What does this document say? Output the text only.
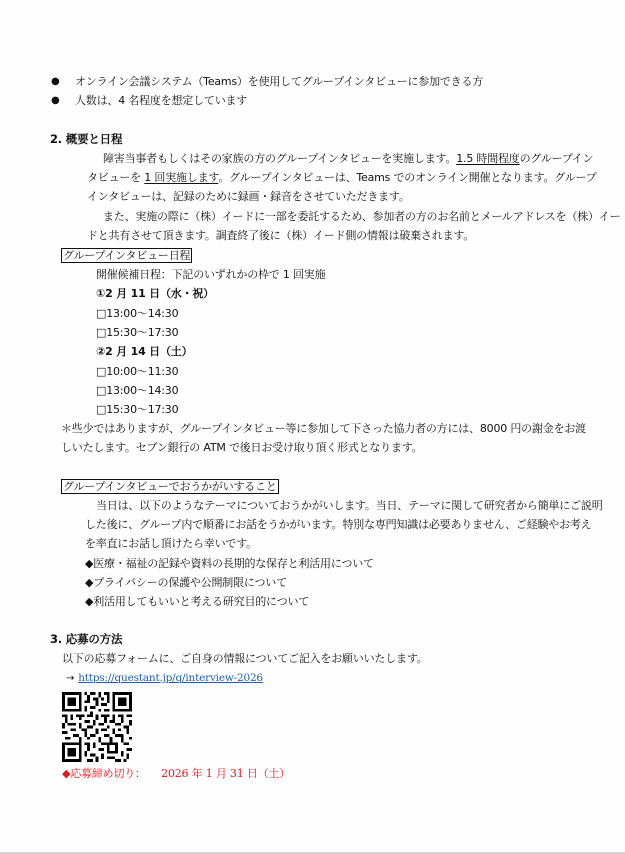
● オンライン会議システム（Teams）を使用してグループインタビューに参加できる方
● 人数は、4 名程度を想定しています
2. 概要と日程
障害当事者もしくはその家族の方のグループインタビューを実施します。1.5 時間程度のグループイン
タビューを 1 回実施します。グループインタビューは、Teams でのオンライン開催となります。グループ
インタビューは、記録のために録画・録音をさせていただきます。
また、実施の際に（株）イードに一部を委託するため、参加者の方のお名前とメールアドレスを（株）イー
ドと共有させて頂きます。調査終了後に（株）イード側の情報は破棄されます。
グループインタビュー日程
開催候補日程：下記のいずれかの枠で 1 回実施
①2 月 11 日（水・祝）
□13:00～14:30
□15:30～17:30
②2 月 14 日（土）
□10:00～11:30
□13:00～14:30
□15:30～17:30
＊些少ではありますが、グループインタビュー等に参加して下さった協力者の方には、8000 円の謝金をお渡
しいたします。セブン銀行の ATM で後日お受け取り頂く形式となります。
グループインタビューでおうかがいすること
当日は、以下のようなテーマについておうかがいします。当日、テーマに関して研究者から簡単にご説明
した後に、グループ内で順番にお話をうかがいます。特別な専門知識は必要ありません、ご経験やお考え
を率直にお話し頂けたら幸いです。
◆医療・福祉の記録や資料の長期的な保存と利活用について
◆プライバシーの保護や公開制限について
◆利活用してもいいと考える研究目的について
3. 応募の方法
以下の応募フォームに、ご自身の情報についてご記入をお願いいたします。
→ https://questant.jp/q/interview-2026
◆応募締め切り： 2026 年 1 月 31 日（土）
